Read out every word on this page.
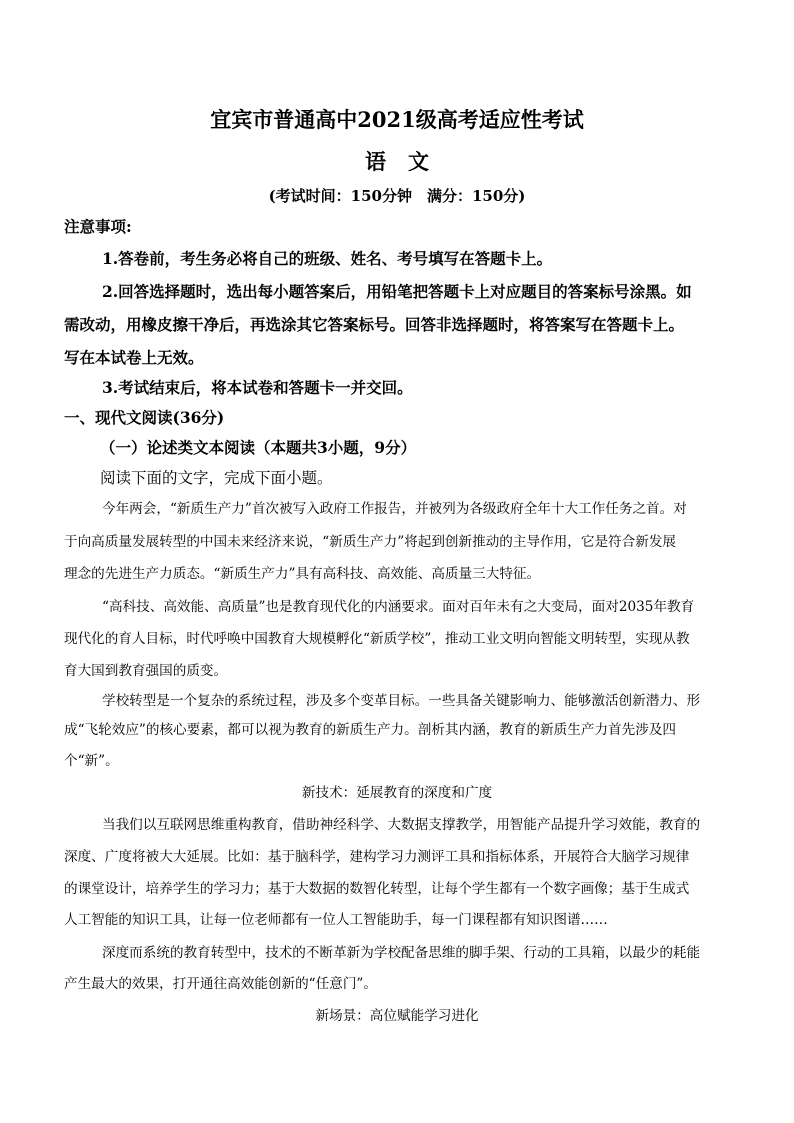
宜宾市普通高中2021级高考适应性考试
语文
(考试时间：150分钟　满分：150分)
注意事项:
1.答卷前，考生务必将自己的班级、姓名、考号填写在答题卡上。
2.回答选择题时，选出每小题答案后，用铅笔把答题卡上对应题目的答案标号涂黑。如
需改动，用橡皮擦干净后，再选涂其它答案标号。回答非选择题时，将答案写在答题卡上。
写在本试卷上无效。
3.考试结束后，将本试卷和答题卡一并交回。
一、现代文阅读(36分)
（一）论述类文本阅读（本题共3小题，9分）
阅读下面的文字，完成下面小题。
今年两会，“新质生产力”首次被写入政府工作报告，并被列为各级政府全年十大工作任务之首。对
于向高质量发展转型的中国未来经济来说，“新质生产力”将起到创新推动的主导作用，它是符合新发展
理念的先进生产力质态。“新质生产力”具有高科技、高效能、高质量三大特征。
“高科技、高效能、高质量”也是教育现代化的内涵要求。面对百年未有之大变局，面对2035年教育
现代化的育人目标，时代呼唤中国教育大规模孵化“新质学校”，推动工业文明向智能文明转型，实现从教
育大国到教育强国的质变。
学校转型是一个复杂的系统过程，涉及多个变革目标。一些具备关键影响力、能够激活创新潜力、形
成“飞轮效应”的核心要素，都可以视为教育的新质生产力。剖析其内涵，教育的新质生产力首先涉及四
个“新”。
新技术：延展教育的深度和广度
当我们以互联网思维重构教育，借助神经科学、大数据支撑教学，用智能产品提升学习效能，教育的
深度、广度将被大大延展。比如：基于脑科学，建构学习力测评工具和指标体系，开展符合大脑学习规律
的课堂设计，培养学生的学习力；基于大数据的数智化转型，让每个学生都有一个数字画像；基于生成式
人工智能的知识工具，让每一位老师都有一位人工智能助手，每一门课程都有知识图谱……
深度而系统的教育转型中，技术的不断革新为学校配备思维的脚手架、行动的工具箱，以最少的耗能
产生最大的效果，打开通往高效能创新的“任意门”。
新场景：高位赋能学习进化
